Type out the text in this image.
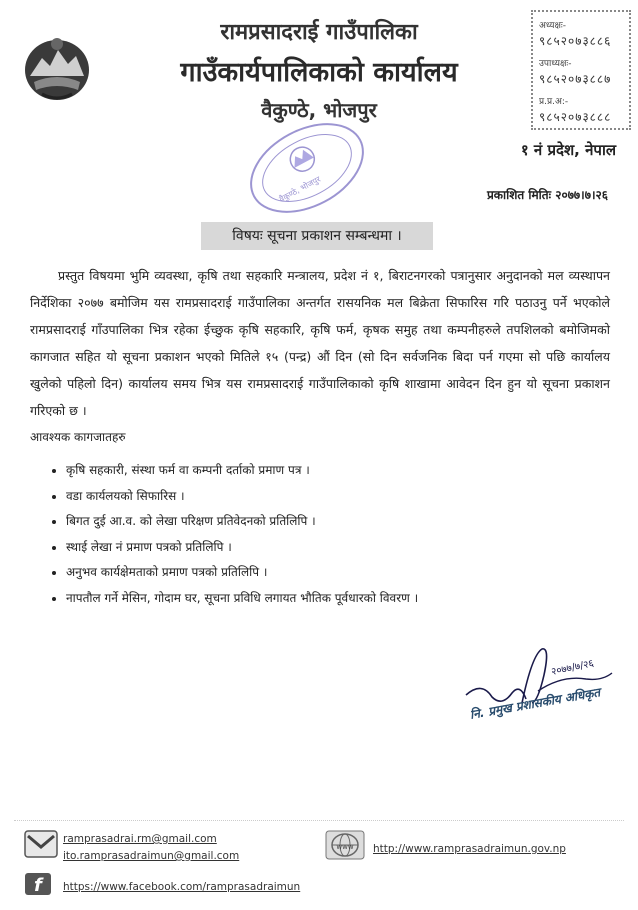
रामप्रसादराई गाउँपालिका
गाउँकार्यपालिकाको कार्यालय
वैकुण्ठे, भोजपुर
अध्यक्षः-
९८५२०७३८८६
उपाध्यक्षः-
९८५२०७३८८७
प्र.प्र.अ:-
९८५२०७३८८८
१ नं प्रदेश, नेपाल
वैकुण्ठे, भोजपुर	प्रकाशित मितिः २०७७।७।२६
विषयः सूचना प्रकाशन सम्बन्धमा ।
प्रस्तुत विषयमा भुमि व्यवस्था, कृषि तथा सहकारि मन्त्रालय, प्रदेश नं १, बिराटनगरको पत्रानुसार अनुदानको मल व्यस्थापन निर्देशिका २०७७ बमोजिम यस रामप्रसादराई गाउँपालिका अन्तर्गत रासयनिक मल बिक्रेता सिफारिस गरि पठाउनु पर्ने भएकोले रामप्रसादराई गाँउपालिका भित्र रहेका ईच्छुक कृषि सहकारि, कृषि फर्म, कृषक समुह तथा कम्पनीहरुले तपशिलको बमोजिमको कागजात सहित यो सूचना प्रकाशन भएको मितिले १५ (पन्द्र) औं दिन (सो दिन सर्वजनिक बिदा पर्न गएमा सो पछि कार्यालय खुलेको पहिलो दिन) कार्यालय समय भित्र यस रामप्रसादराई गाउँपालिकाको कृषि शाखामा आवेदन दिन हुन यो सूचना प्रकाशन गरिएको छ ।
आवश्यक कागजातहरु
• कृषि सहकारी, संस्था फर्म वा कम्पनी दर्ताको प्रमाण पत्र ।
• वडा कार्यलयको सिफारिस ।
• बिगत दुई आ.व. को लेखा परिक्षण प्रतिवेदनको प्रतिलिपि ।
• स्थाई लेखा नं प्रमाण पत्रको प्रतिलिपि ।
• अनुभव कार्यक्षेमताको प्रमाण पत्रको प्रतिलिपि ।
• नापतौल गर्ने मेसिन, गोदाम घर, सूचना प्रविधि लगायत भौतिक पूर्वधारको विवरण ।
२०७७/७/२६
नि. प्रमुख प्रशासकीय अधिकृत
ramprasadrai.rm@gmail.com
ito.ramprasadraimun@gmail.com
www http://www.ramprasadraimun.gov.np
f https://www.facebook.com/ramprasadraimun
